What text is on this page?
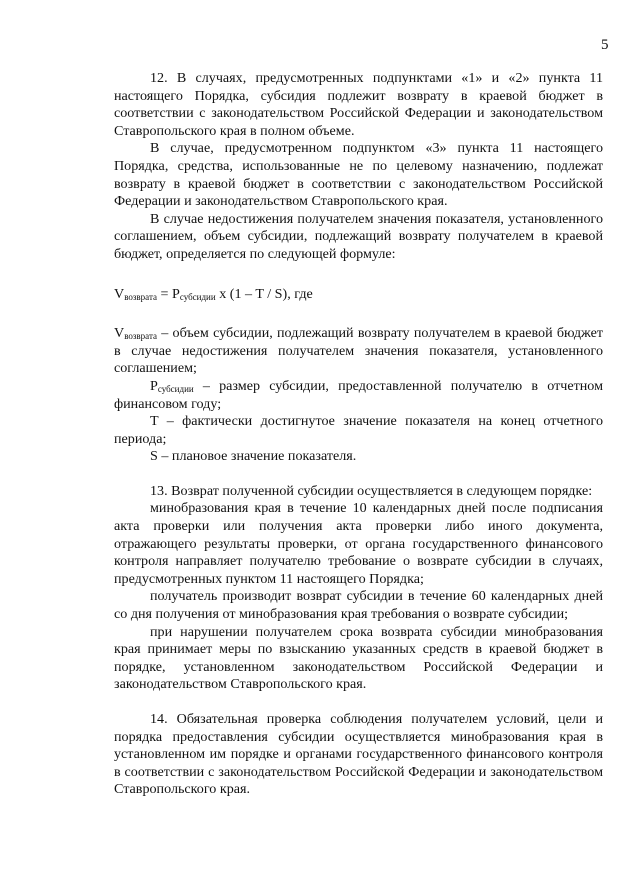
5

12. В случаях, предусмотренных подпунктами «1» и «2» пункта 11 настоящего Порядка, субсидия подлежит возврату в краевой бюджет в соответствии с законодательством Российской Федерации и законодательством Ставропольского края в полном объеме.

В случае, предусмотренном подпунктом «3» пункта 11 настоящего Порядка, средства, использованные не по целевому назначению, подлежат возврату в краевой бюджет в соответствии с законодательством Российской Федерации и законодательством Ставропольского края.

В случае недостижения получателем значения показателя, установленного соглашением, объем субсидии, подлежащий возврату получателем в краевой бюджет, определяется по следующей формуле:

$V_{возврата} = P_{субсидии}$ x (1 – T / S), где

$V_{возврата}$ – объем субсидии, подлежащий возврату получателем в краевой бюджет в случае недостижения получателем значения показателя, установленного соглашением;

$P_{субсидии}$ – размер субсидии, предоставленной получателю в отчетном финансовом году;

T – фактически достигнутое значение показателя на конец отчетного периода;

S – плановое значение показателя.

13. Возврат полученной субсидии осуществляется в следующем порядке:

минобразования края в течение 10 календарных дней после подписания акта проверки или получения акта проверки либо иного документа, отражающего результаты проверки, от органа государственного финансового контроля направляет получателю требование о возврате субсидии в случаях, предусмотренных пунктом 11 настоящего Порядка;

получатель производит возврат субсидии в течение 60 календарных дней со дня получения от минобразования края требования о возврате субсидии;

при нарушении получателем срока возврата субсидии минобразования края принимает меры по взысканию указанных средств в краевой бюджет в порядке, установленном законодательством Российской Федерации и законодательством Ставропольского края.

14. Обязательная проверка соблюдения получателем условий, цели и порядка предоставления субсидии осуществляется минобразования края в установленном им порядке и органами государственного финансового контроля в соответствии с законодательством Российской Федерации и законодательством Ставропольского края.
